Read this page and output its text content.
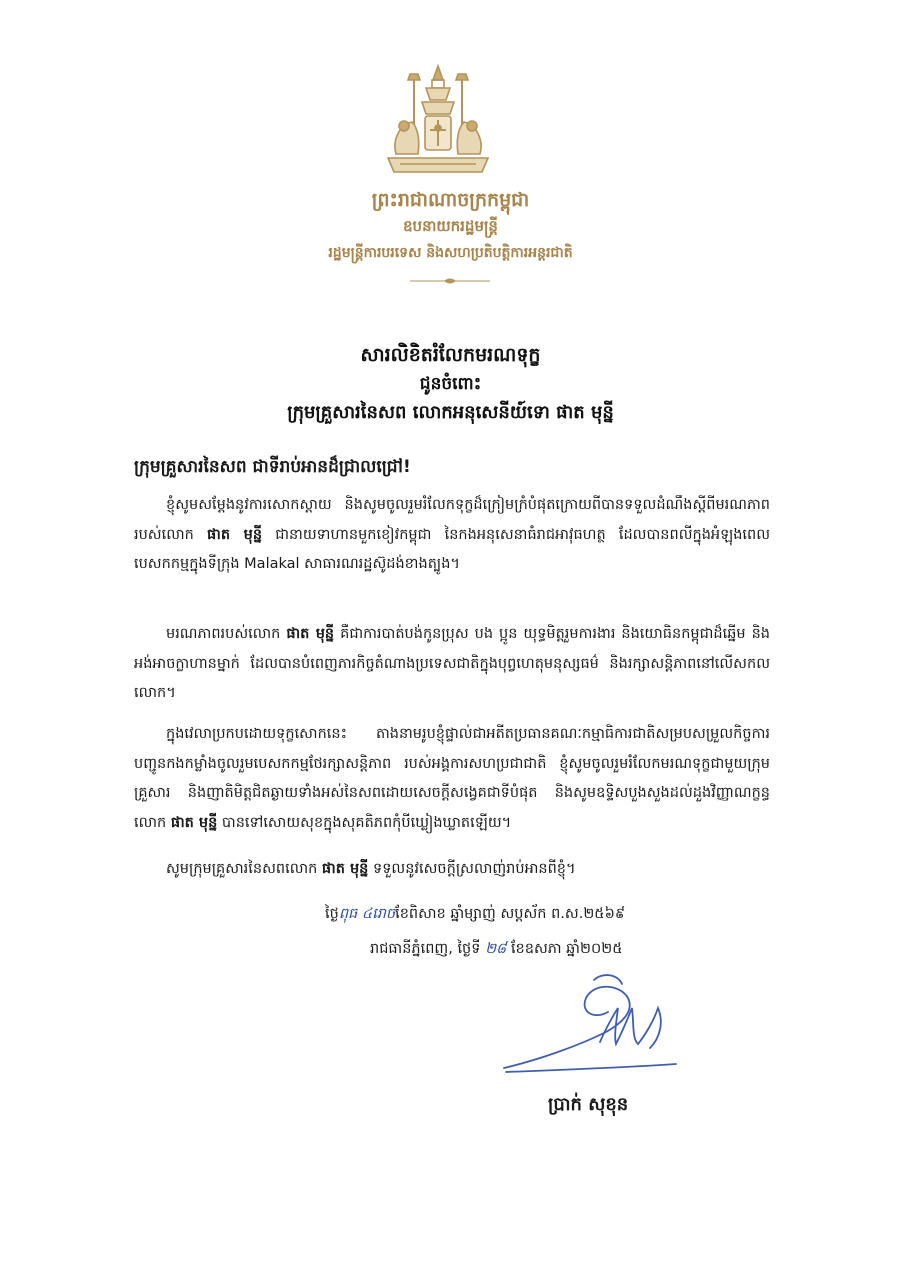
ព្រះរាជាណាចក្រកម្ពុជា
ឧបនាយករដ្ឋមន្ត្រី
រដ្ឋមន្ត្រីការបរទេស និងសហប្រតិបត្តិការអន្តរជាតិ
សារលិខិតរំលែកមរណទុក្ខ
ជូនចំពោះ
ក្រុមគ្រួសារនៃសព លោកអនុសេនីយ៍ទោ ផាត មុន្នី
ក្រុមគ្រួសារនៃសព ជាទីរាប់អានដ៏ជ្រាលជ្រៅ!

ខ្ញុំសូមសម្តែងនូវការសោកស្តាយ និងសូមចូលរួមរំលែកទុក្ខដ៏ក្រៀមក្រំបំផុតក្រោយពីបានទទួលដំណឹងស្តីពីមរណភាពរបស់លោក ផាត មុន្នី ជានាយទាហានមួកខៀវកម្ពុជា នៃកងអនុសេនាធំរាជអាវុធហត្ថ ដែលបានពលីក្នុងអំឡុងពេលបេសកកម្មក្នុងទីក្រុង Malakal សាធារណរដ្ឋស៊ូដង់ខាងត្បូង។

មរណភាពរបស់លោក ផាត មុន្នី គឺជាការបាត់បង់កូនប្រុស បង ប្អូន យុទ្ធមិត្តរួមការងារ និងយោធិនកម្ពុជាដ៏ឆ្នើម និងអង់អាចក្លាហានម្នាក់ ដែលបានបំពេញភារកិច្ចតំណាងប្រទេសជាតិក្នុងបុព្វហេតុមនុស្សធម៌ និងរក្សាសន្តិភាពនៅលើសកលលោក។

ក្នុងវេលាប្រកបដោយទុក្ខសោកនេះ តាងនាមរូបខ្ញុំផ្ទាល់ជាអតីតប្រធានគណៈកម្មាធិការជាតិសម្របសម្រួលកិច្ចការបញ្ជូនកងកម្លាំងចូលរួមបេសកកម្មថែរក្សាសន្តិភាព របស់អង្គការសហប្រជាជាតិ ខ្ញុំសូមចូលរួមរំលែកមរណទុក្ខជាមួយក្រុមគ្រួសារ និងញាតិមិត្តជិតឆ្ងាយទាំងអស់នៃសពដោយសេចក្តីសង្វេគជាទីបំផុត និងសូមឧទ្ទិសបួងសួងដល់ដួងវិញ្ញាណក្ខន្ធលោក ផាត មុន្នី បានទៅសោយសុខក្នុងសុគតិភពកុំបីឃ្លៀងឃ្លាតឡើយ។

សូមក្រុមគ្រួសារនៃសពលោក ផាត មុន្នី ទទួលនូវសេចក្តីស្រលាញ់រាប់អានពីខ្ញុំ។

ថ្ងៃពុធ ៤រោចខែពិសាខ ឆ្នាំម្សាញ់ សប្តស័ក ព.ស.២៥៦៩
រាជធានីភ្នំពេញ, ថ្ងៃទី ២៨ ខែឧសភា ឆ្នាំ២០២៥
ប្រាក់ សុខុន
